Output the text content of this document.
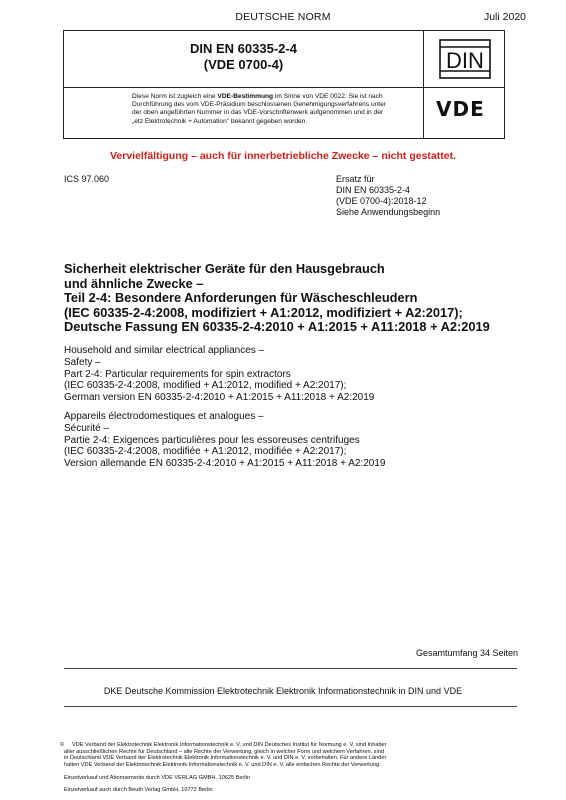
DEUTSCHE NORM	Juli 2020
DIN EN 60335-2-4
(VDE 0700-4)
Diese Norm ist zugleich eine VDE-Bestimmung im Sinne von VDE 0022. Sie ist nach
Durchführung des vom VDE-Präsidium beschlossenen Genehmigungsverfahrens unter
der oben angeführten Nummer in das VDE-Vorschriftenwerk aufgenommen und in der
„etz Elektrotechnik + Automation" bekannt gegeben worden.
DIN
VDE
Vervielfältigung – auch für innerbetriebliche Zwecke – nicht gestattet.
ICS 97.060	Ersatz für
DIN EN 60335-2-4
(VDE 0700-4):2018-12
Siehe Anwendungsbeginn
Sicherheit elektrischer Geräte für den Hausgebrauch
und ähnliche Zwecke –
Teil 2-4: Besondere Anforderungen für Wäscheschleudern
(IEC 60335-2-4:2008, modifiziert + A1:2012, modifiziert + A2:2017);
Deutsche Fassung EN 60335-2-4:2010 + A1:2015 + A11:2018 + A2:2019
Household and similar electrical appliances –
Safety –
Part 2-4: Particular requirements for spin extractors
(IEC 60335-2-4:2008, modified + A1:2012, modified + A2:2017);
German version EN 60335-2-4:2010 + A1:2015 + A11:2018 + A2:2019
Appareils électrodomestiques et analogues –
Sécurité –
Partie 2-4: Exigences particulières pour les essoreuses centrifuges
(IEC 60335-2-4:2008, modifiée + A1:2012, modifiée + A2:2017);
Version allemande EN 60335-2-4:2010 + A1:2015 + A11:2018 + A2:2019
Gesamtumfang 34 Seiten
DKE Deutsche Kommission Elektrotechnik Elektronik Informationstechnik in DIN und VDE
©	VDE Verband der Elektrotechnik Elektronik Informationstechnik e. V. und DIN Deutsches Institut für Normung e. V. sind Inhaber
aller ausschließlichen Rechte für Deutschland – alle Rechte der Verwertung, gleich in welcher Form und welchem Verfahren, sind
in Deutschland VDE Verband der Elektrotechnik Elektronik Informationstechnik e. V. und DIN e. V. vorbehalten. Für andere Länder
halten VDE Verband der Elektrotechnik Elektronik Informationstechnik e. V. und DIN e. V. alle einfachen Rechte der Verwertung.
Einzelverkauf und Abonnements durch VDE VERLAG GMBH, 10625 Berlin
Einzelverkauf auch durch Beuth Verlag GmbH, 10772 Berlin
